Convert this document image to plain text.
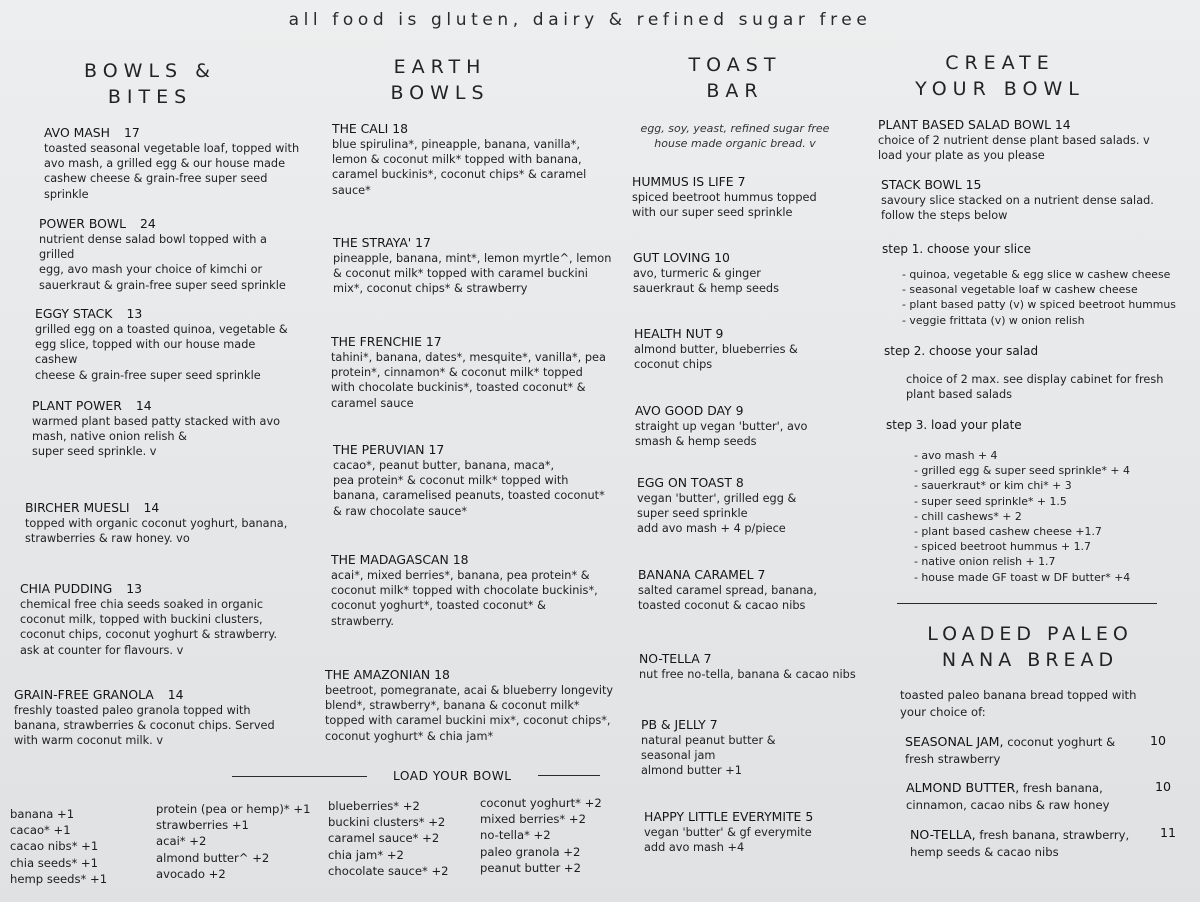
all food is gluten, dairy & refined sugar free
BOWLS &
BITES
AVO MASH 17
toasted seasonal vegetable loaf, topped with
avo mash, a grilled egg & our house made
cashew cheese & grain-free super seed sprinkle
POWER BOWL 24
nutrient dense salad bowl topped with a grilled
egg, avo mash your choice of kimchi or
sauerkraut & grain-free super seed sprinkle
EGGY STACK 13
grilled egg on a toasted quinoa, vegetable &
egg slice, topped with our house made cashew
cheese & grain-free super seed sprinkle
PLANT POWER 14
warmed plant based patty stacked with avo
mash, native onion relish &
super seed sprinkle. v
BIRCHER MUESLI 14
topped with organic coconut yoghurt, banana,
strawberries & raw honey. vo
CHIA PUDDING 13
chemical free chia seeds soaked in organic
coconut milk, topped with buckini clusters,
coconut chips, coconut yoghurt & strawberry.
ask at counter for flavours. v
GRAIN-FREE GRANOLA 14
freshly toasted paleo granola topped with
banana, strawberries & coconut chips. Served
with warm coconut milk. v
EARTH
BOWLS
THE CALI 18
blue spirulina*, pineapple, banana, vanilla*,
lemon & coconut milk* topped with banana,
caramel buckinis*, coconut chips* & caramel
sauce*
THE STRAYA' 17
pineapple, banana, mint*, lemon myrtle^, lemon
& coconut milk* topped with caramel buckini
mix*, coconut chips* & strawberry
THE FRENCHIE 17
tahini*, banana, dates*, mesquite*, vanilla*, pea
protein*, cinnamon* & coconut milk* topped
with chocolate buckinis*, toasted coconut* &
caramel sauce
THE PERUVIAN 17
cacao*, peanut butter, banana, maca*,
pea protein* & coconut milk* topped with
banana, caramelised peanuts, toasted coconut*
& raw chocolate sauce*
THE MADAGASCAN 18
acai*, mixed berries*, banana, pea protein* &
coconut milk* topped with chocolate buckinis*,
coconut yoghurt*, toasted coconut* &
strawberry.
THE AMAZONIAN 18
beetroot, pomegranate, acai & blueberry longevity
blend*, strawberry*, banana & coconut milk*
topped with caramel buckini mix*, coconut chips*,
coconut yoghurt* & chia jam*
TOAST
BAR
egg, soy, yeast, refined sugar free
house made organic bread. v
HUMMUS IS LIFE 7
spiced beetroot hummus topped
with our super seed sprinkle
GUT LOVING 10
avo, turmeric & ginger
sauerkraut & hemp seeds
HEALTH NUT 9
almond butter, blueberries &
coconut chips
AVO GOOD DAY 9
straight up vegan 'butter', avo
smash & hemp seeds
EGG ON TOAST 8
vegan 'butter', grilled egg &
super seed sprinkle
add avo mash + 4 p/piece
BANANA CARAMEL 7
salted caramel spread, banana,
toasted coconut & cacao nibs
NO-TELLA 7
nut free no-tella, banana & cacao nibs
PB & JELLY 7
natural peanut butter &
seasonal jam
almond butter +1
HAPPY LITTLE EVERYMITE 5
vegan 'butter' & gf everymite
add avo mash +4
CREATE
YOUR BOWL
PLANT BASED SALAD BOWL 14
choice of 2 nutrient dense plant based salads. v
load your plate as you please
STACK BOWL 15
savoury slice stacked on a nutrient dense salad.
follow the steps below
step 1. choose your slice
- quinoa, vegetable & egg slice w cashew cheese
- seasonal vegetable loaf w cashew cheese
- plant based patty (v) w spiced beetroot hummus
- veggie frittata (v) w onion relish
step 2. choose your salad
choice of 2 max. see display cabinet for fresh
plant based salads
step 3. load your plate
- avo mash + 4
- grilled egg & super seed sprinkle* + 4
- sauerkraut* or kim chi* + 3
- super seed sprinkle* + 1.5
- chill cashews* + 2
- plant based cashew cheese +1.7
- spiced beetroot hummus + 1.7
- native onion relish + 1.7
- house made GF toast w DF butter* +4
LOADED PALEO
NANA BREAD
toasted paleo banana bread topped with
your choice of:
SEASONAL JAM, coconut yoghurt &
fresh strawberry
10
ALMOND BUTTER, fresh banana,
cinnamon, cacao nibs & raw honey
10
NO-TELLA, fresh banana, strawberry,
hemp seeds & cacao nibs
11
LOAD YOUR BOWL
banana +1
cacao* +1
cacao nibs* +1
chia seeds* +1
hemp seeds* +1
protein (pea or hemp)* +1
strawberries +1
acai* +2
almond butter^ +2
avocado +2
blueberries* +2
buckini clusters* +2
caramel sauce* +2
chia jam* +2
chocolate sauce* +2
coconut yoghurt* +2
mixed berries* +2
no-tella* +2
paleo granola +2
peanut butter +2
